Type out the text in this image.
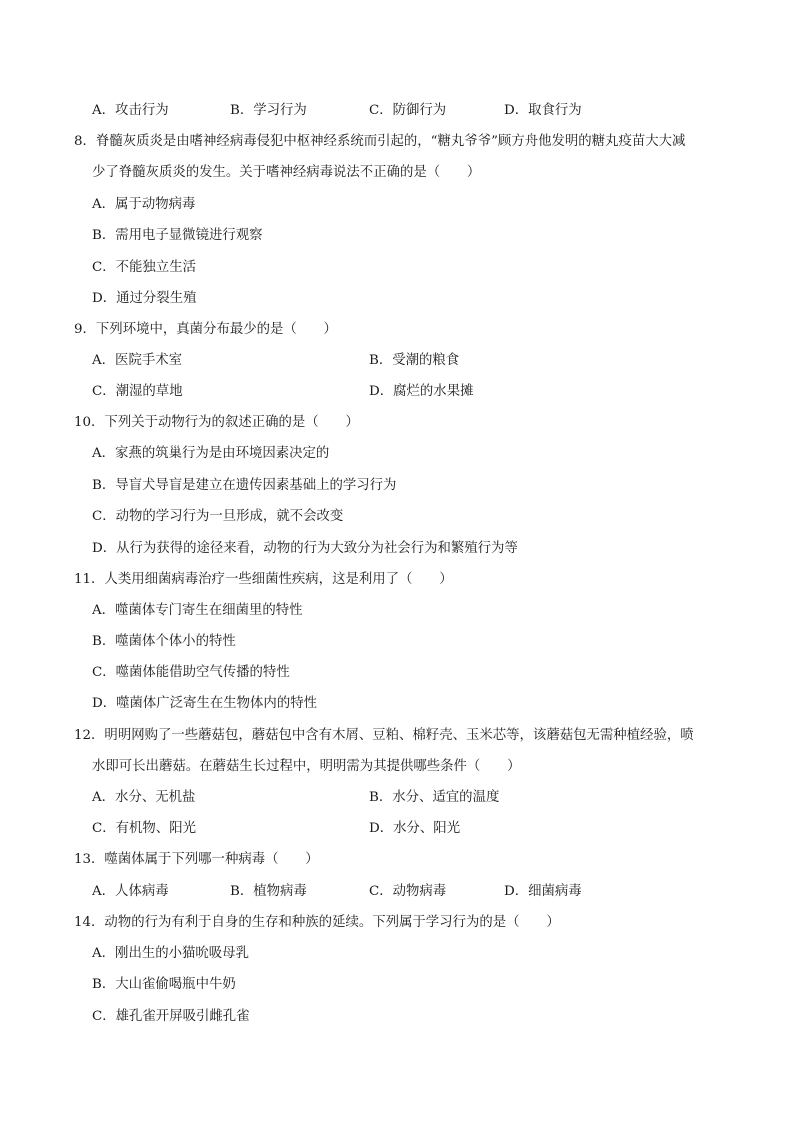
A．攻击行为	B．学习行为	C．防御行为	D．取食行为
8．脊髓灰质炎是由嗜神经病毒侵犯中枢神经系统而引起的，“糖丸爷爷”顾方舟他发明的糖丸疫苗大大减
少了脊髓灰质炎的发生。关于嗜神经病毒说法不正确的是（　　）
A．属于动物病毒
B．需用电子显微镜进行观察
C．不能独立生活
D．通过分裂生殖
9．下列环境中，真菌分布最少的是（　　）
A．医院手术室	B．受潮的粮食
C．潮湿的草地	D．腐烂的水果摊
10．下列关于动物行为的叙述正确的是（　　）
A．家燕的筑巢行为是由环境因素决定的
B．导盲犬导盲是建立在遗传因素基础上的学习行为
C．动物的学习行为一旦形成，就不会改变
D．从行为获得的途径来看，动物的行为大致分为社会行为和繁殖行为等
11．人类用细菌病毒治疗一些细菌性疾病，这是利用了（　　）
A．噬菌体专门寄生在细菌里的特性
B．噬菌体个体小的特性
C．噬菌体能借助空气传播的特性
D．噬菌体广泛寄生在生物体内的特性
12．明明网购了一些蘑菇包，蘑菇包中含有木屑、豆粕、棉籽壳、玉米芯等，该蘑菇包无需种植经验，喷
水即可长出蘑菇。在蘑菇生长过程中，明明需为其提供哪些条件（　　）
A．水分、无机盐	B．水分、适宜的温度
C．有机物、阳光	D．水分、阳光
13．噬菌体属于下列哪一种病毒（　　）
A．人体病毒	B．植物病毒	C．动物病毒	D．细菌病毒
14．动物的行为有利于自身的生存和种族的延续。下列属于学习行为的是（　　）
A．刚出生的小猫吮吸母乳
B．大山雀偷喝瓶中牛奶
C．雄孔雀开屏吸引雌孔雀
